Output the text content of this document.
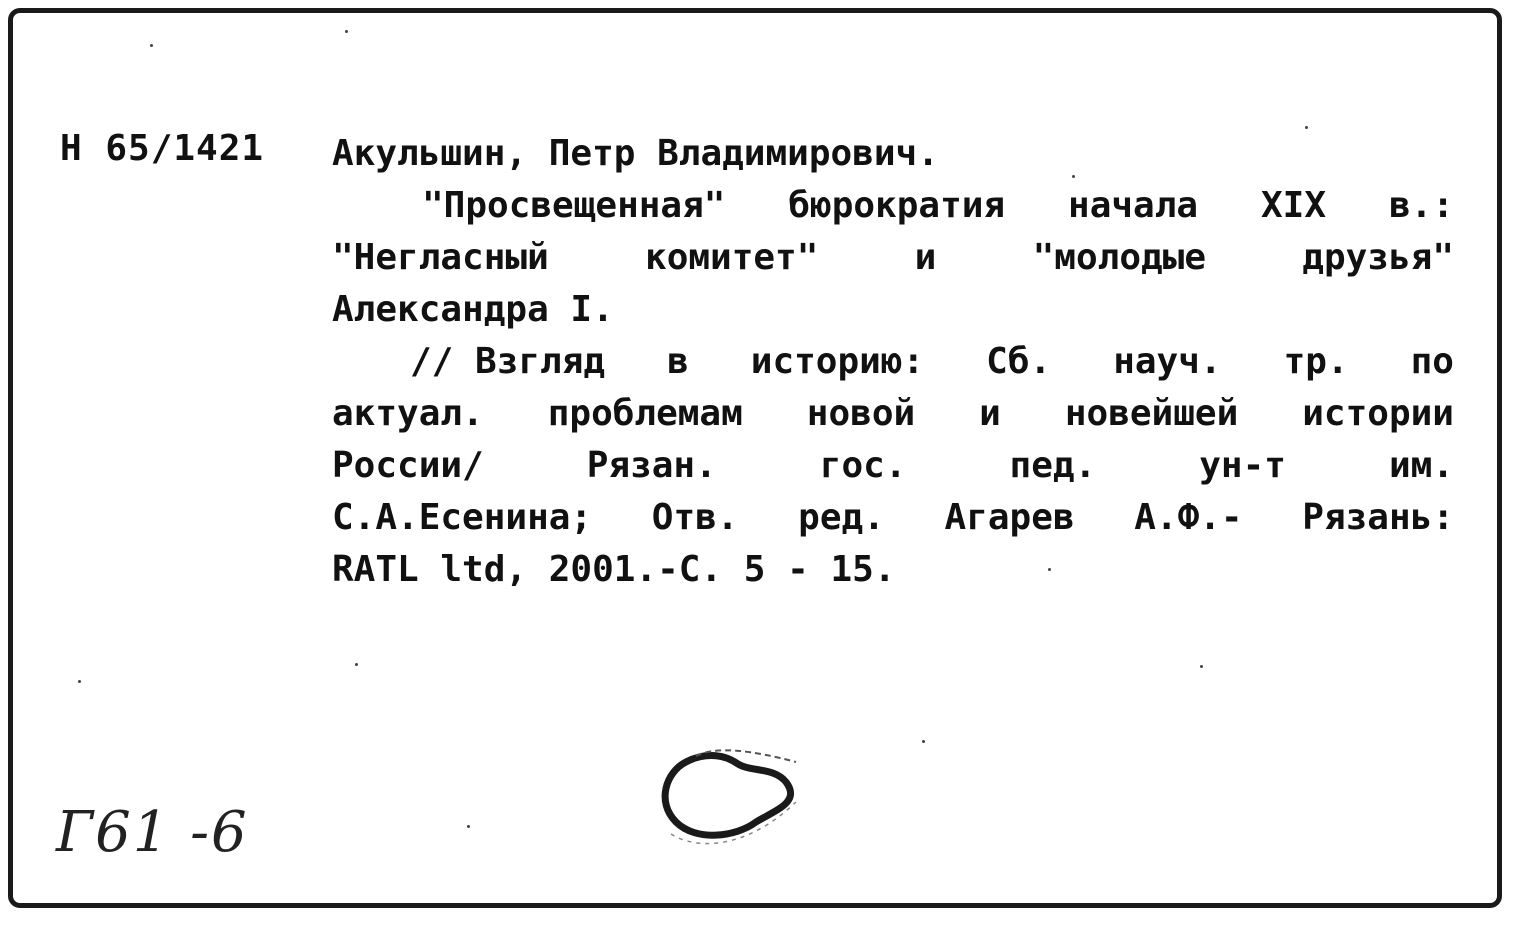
Н 65/1421 Акульшин, Петр Владимирович.
"Просвещенная" бюрократия начала XIX в.:
"Негласный	комитет"	и	"молодые	друзья"
Александра I.
// Взгляд в историю: Сб. науч. тр. по
актуал. проблемам новой и новейшей истории
России/	Рязан.	гос.	пед.	ун-т	им.
С.А.Есенина; Отв. ред. Агарев А.Ф.- Рязань:
RATL ltd, 2001.-С. 5 - 15.
Г61 -6
